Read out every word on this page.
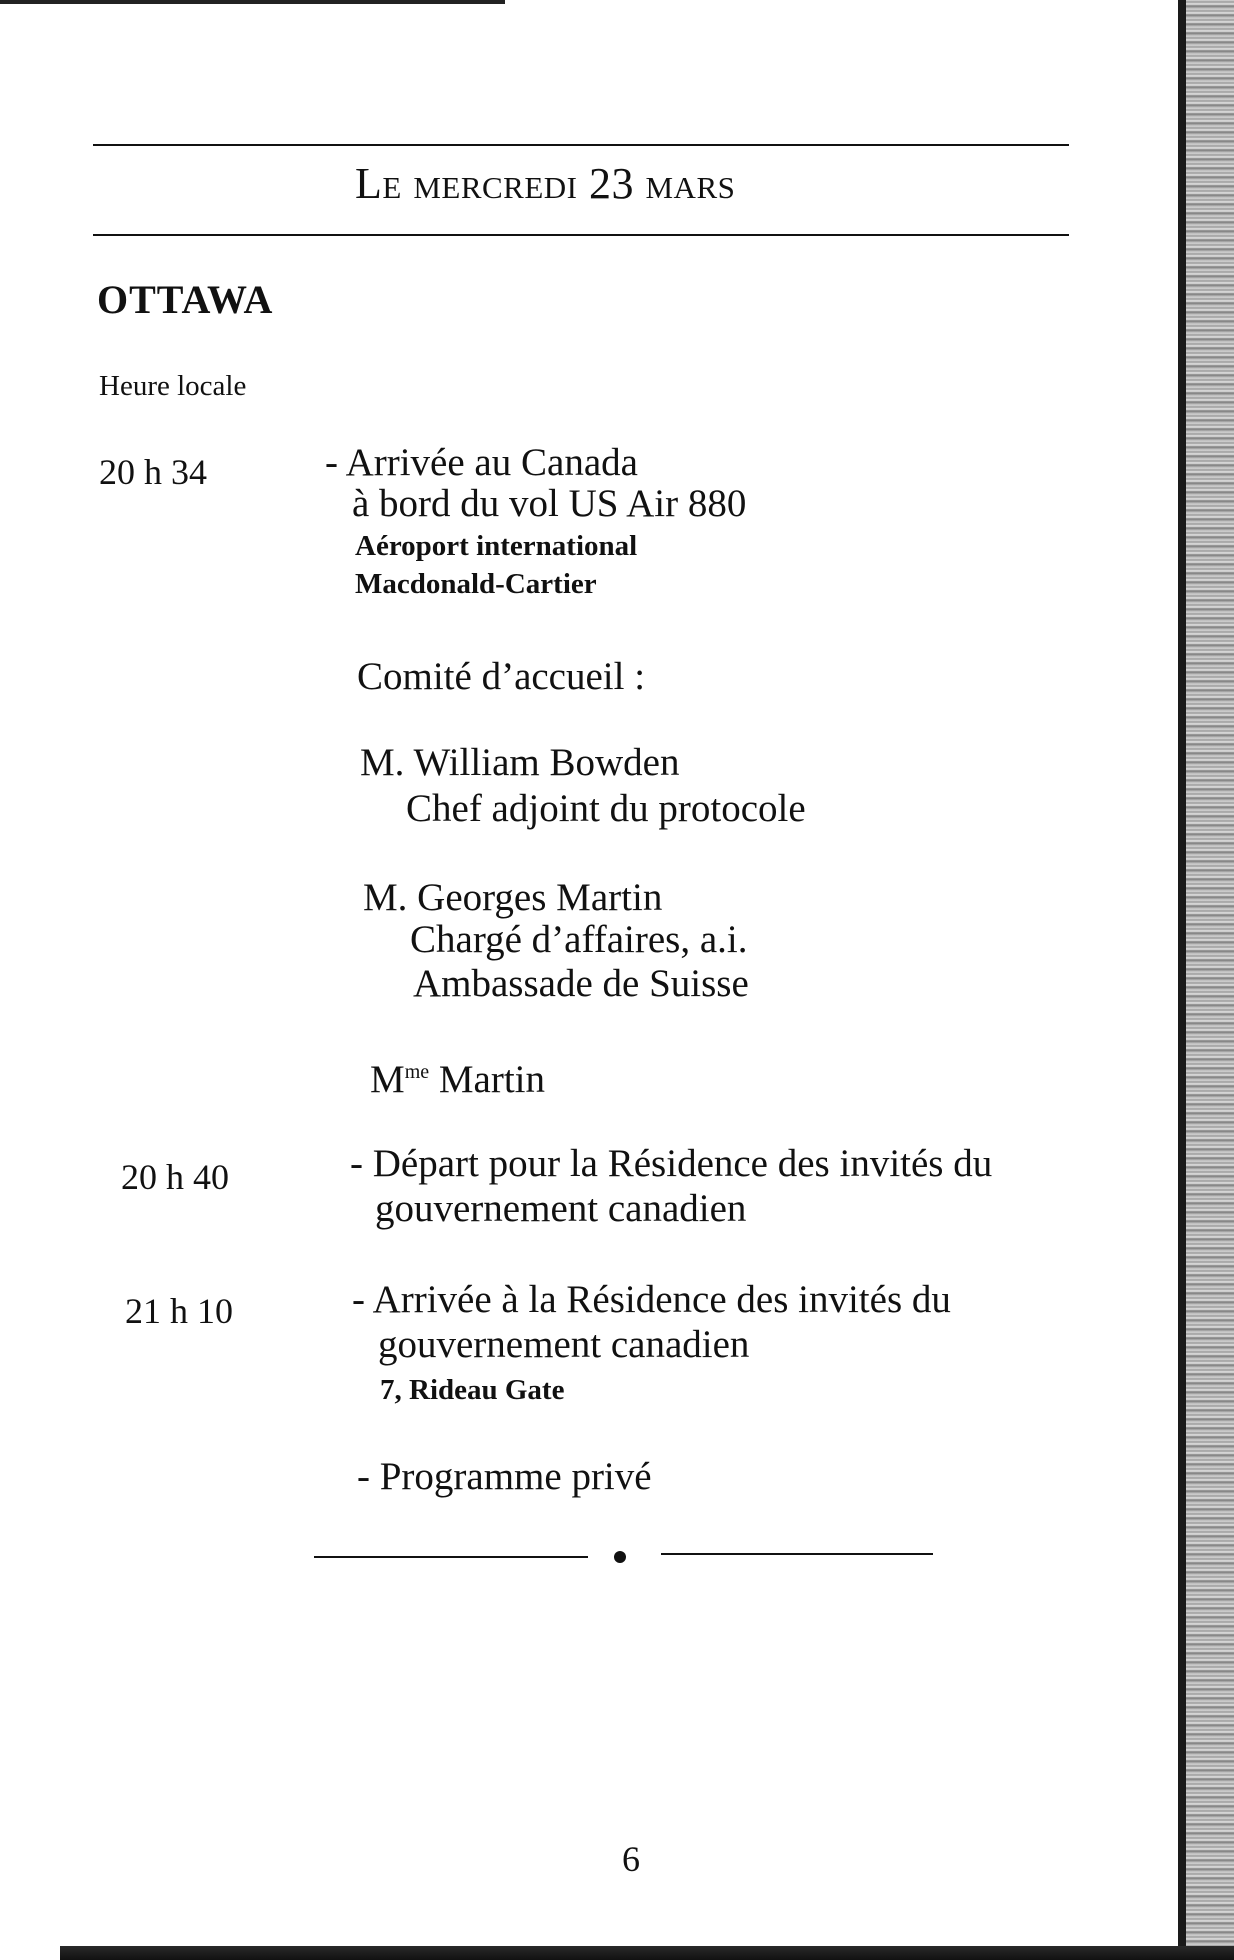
Le mercredi 23 mars
OTTAWA
Heure locale
20 h 34	- Arrivée au Canada
à bord du vol US Air 880
Aéroport international
Macdonald-Cartier
Comité d’accueil :
M. William Bowden
Chef adjoint du protocole
M. Georges Martin
Chargé d’affaires, a.i.
Ambassade de Suisse
$M^{me}$ Martin
20 h 40	- Départ pour la Résidence des invités du
gouvernement canadien
21 h 10	- Arrivée à la Résidence des invités du
gouvernement canadien
7, Rideau Gate
- Programme privé
6
